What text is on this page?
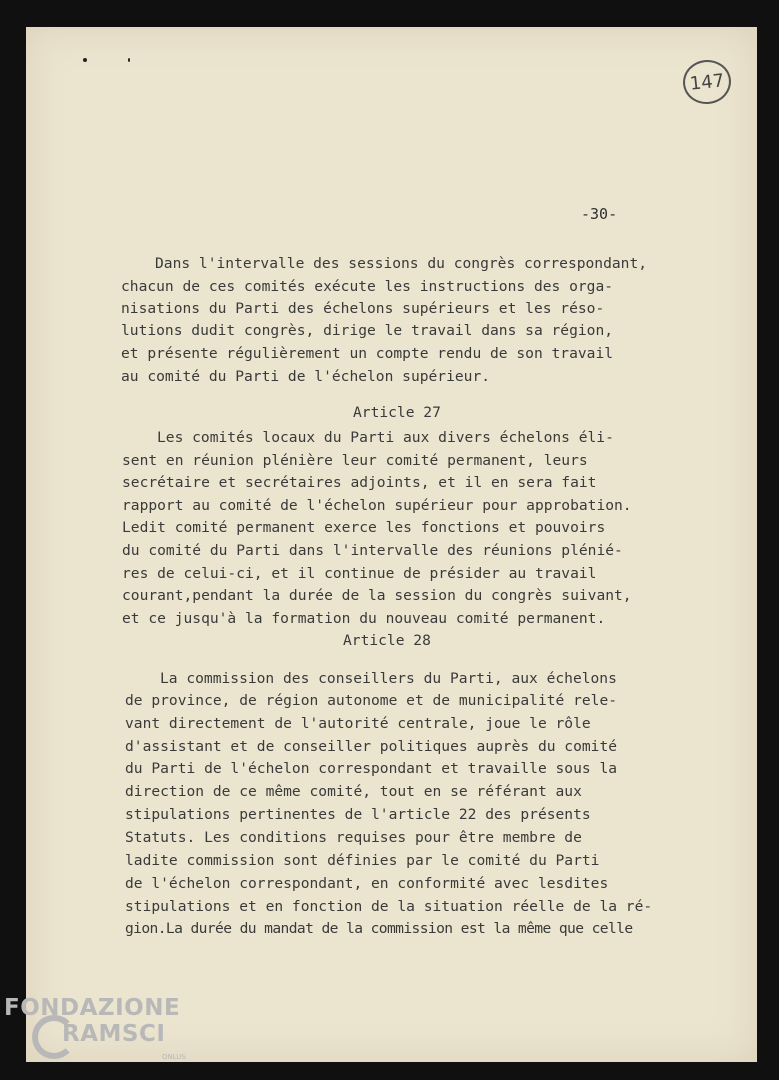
147
-30-
Dans l'intervalle des sessions du congrès correspondant,
chacun de ces comités exécute les instructions des orga-
nisations du Parti des échelons supérieurs et les réso-
lutions dudit congrès, dirige le travail dans sa région,
et présente régulièrement un compte rendu de son travail
au comité du Parti de l'échelon supérieur.
Article 27
Les comités locaux du Parti aux divers échelons éli-
sent en réunion plénière leur comité permanent, leurs
secrétaire et secrétaires adjoints, et il en sera fait
rapport au comité de l'échelon supérieur pour approbation.
Ledit comité permanent exerce les fonctions et pouvoirs
du comité du Parti dans l'intervalle des réunions plénié-
res de celui-ci, et il continue de présider au travail
courant,pendant la durée de la session du congrès suivant,
et ce jusqu'à la formation du nouveau comité permanent.
Article 28
La commission des conseillers du Parti, aux échelons
de province, de région autonome et de municipalité rele-
vant directement de l'autorité centrale, joue le rôle
d'assistant et de conseiller politiques auprès du comité
du Parti de l'échelon correspondant et travaille sous la
direction de ce même comité, tout en se référant aux
stipulations pertinentes de l'article 22 des présents
Statuts. Les conditions requises pour être membre de
ladite commission sont définies par le comité du Parti
de l'échelon correspondant, en conformité avec lesdites
stipulations et en fonction de la situation réelle de la ré-
gion.La durée du mandat de la commission est la même que celle
FONDAZIONE
RAMSCI
ONLUS
